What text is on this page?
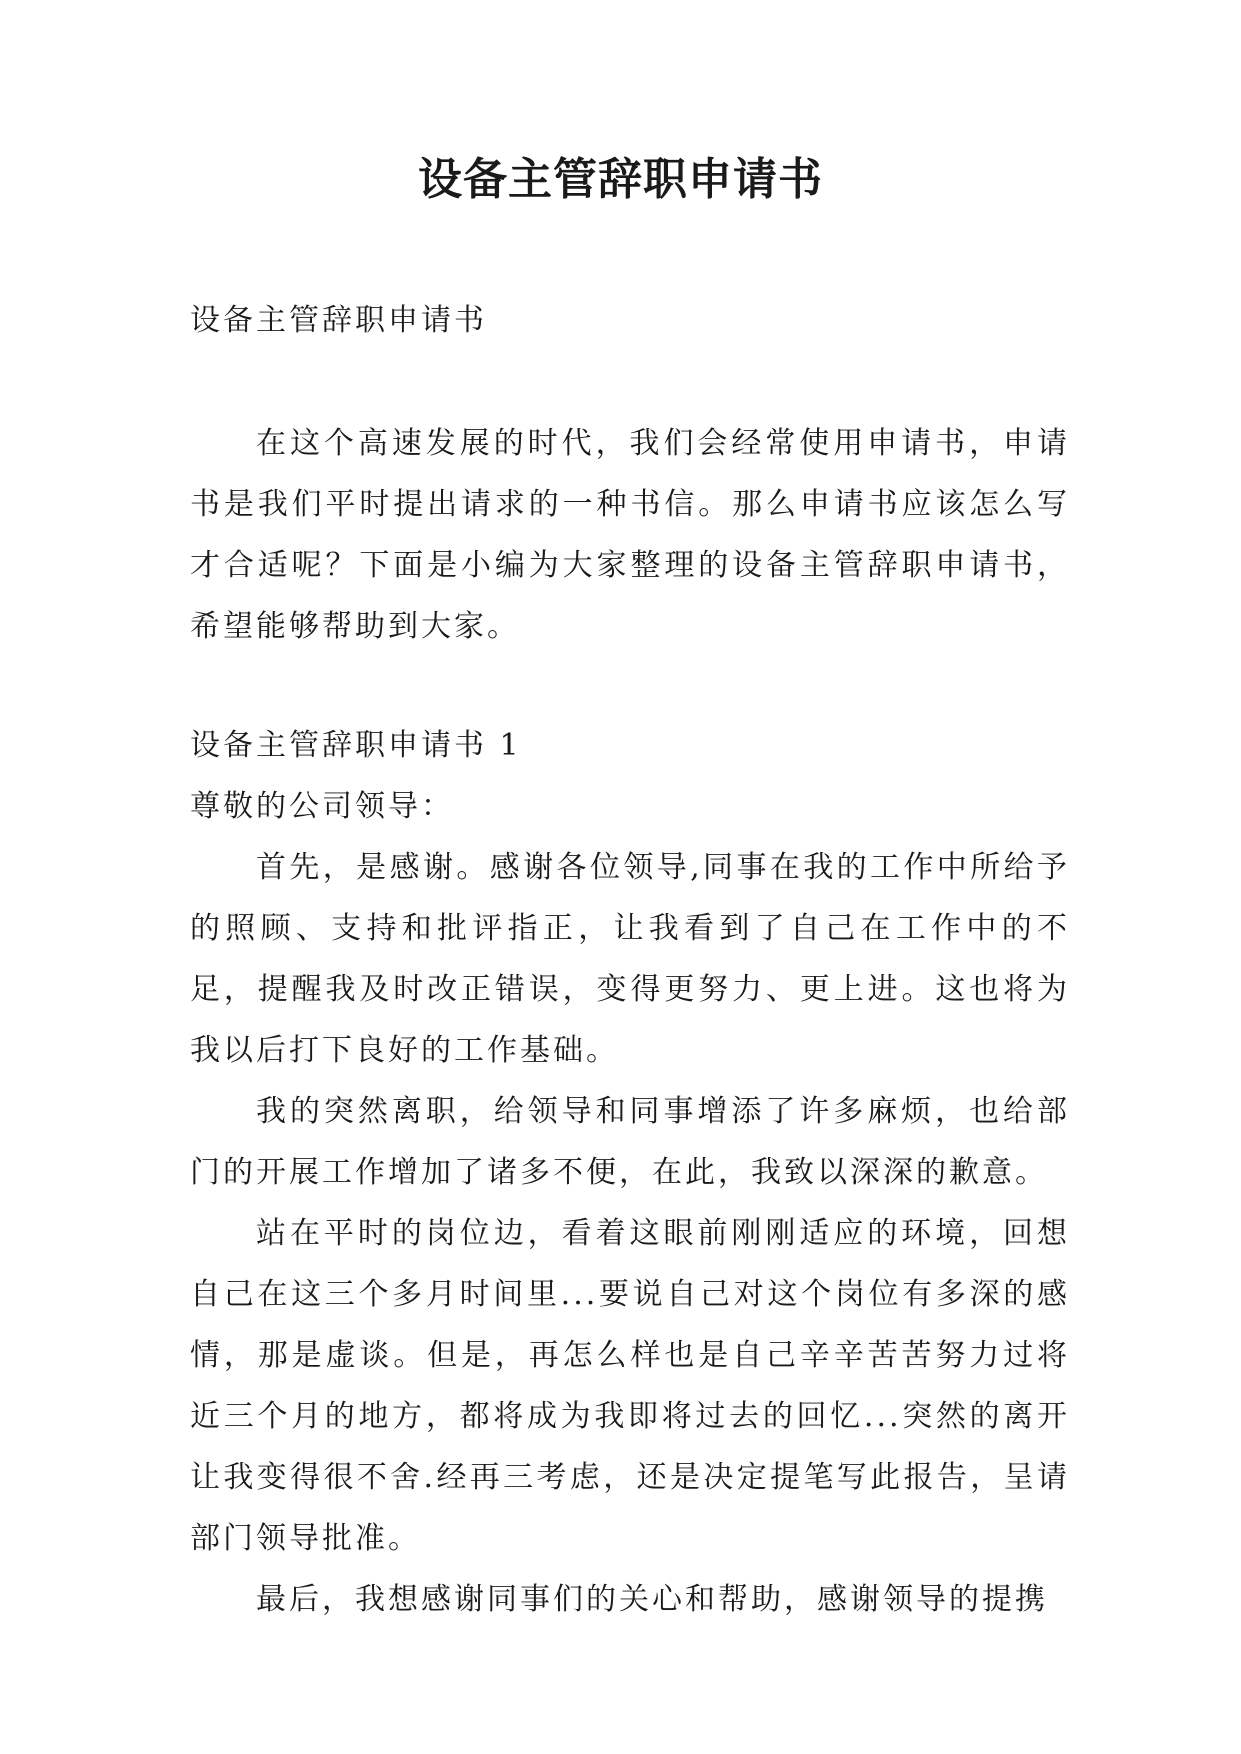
设备主管辞职申请书

设备主管辞职申请书

在这个高速发展的时代，我们会经常使用申请书，申请书是我们平时提出请求的一种书信。那么申请书应该怎么写才合适呢？下面是小编为大家整理的设备主管辞职申请书，希望能够帮助到大家。

设备主管辞职申请书 1

尊敬的公司领导：

首先，是感谢。感谢各位领导,同事在我的工作中所给予的照顾、支持和批评指正，让我看到了自己在工作中的不足，提醒我及时改正错误，变得更努力、更上进。这也将为我以后打下良好的工作基础。

我的突然离职，给领导和同事增添了许多麻烦，也给部门的开展工作增加了诸多不便，在此，我致以深深的歉意。

站在平时的岗位边，看着这眼前刚刚适应的环境，回想自己在这三个多月时间里...要说自己对这个岗位有多深的感情，那是虚谈。但是，再怎么样也是自己辛辛苦苦努力过将近三个月的地方，都将成为我即将过去的回忆...突然的离开让我变得很不舍.经再三考虑，还是决定提笔写此报告，呈请部门领导批准。

最后，我想感谢同事们的关心和帮助，感谢领导的提携
